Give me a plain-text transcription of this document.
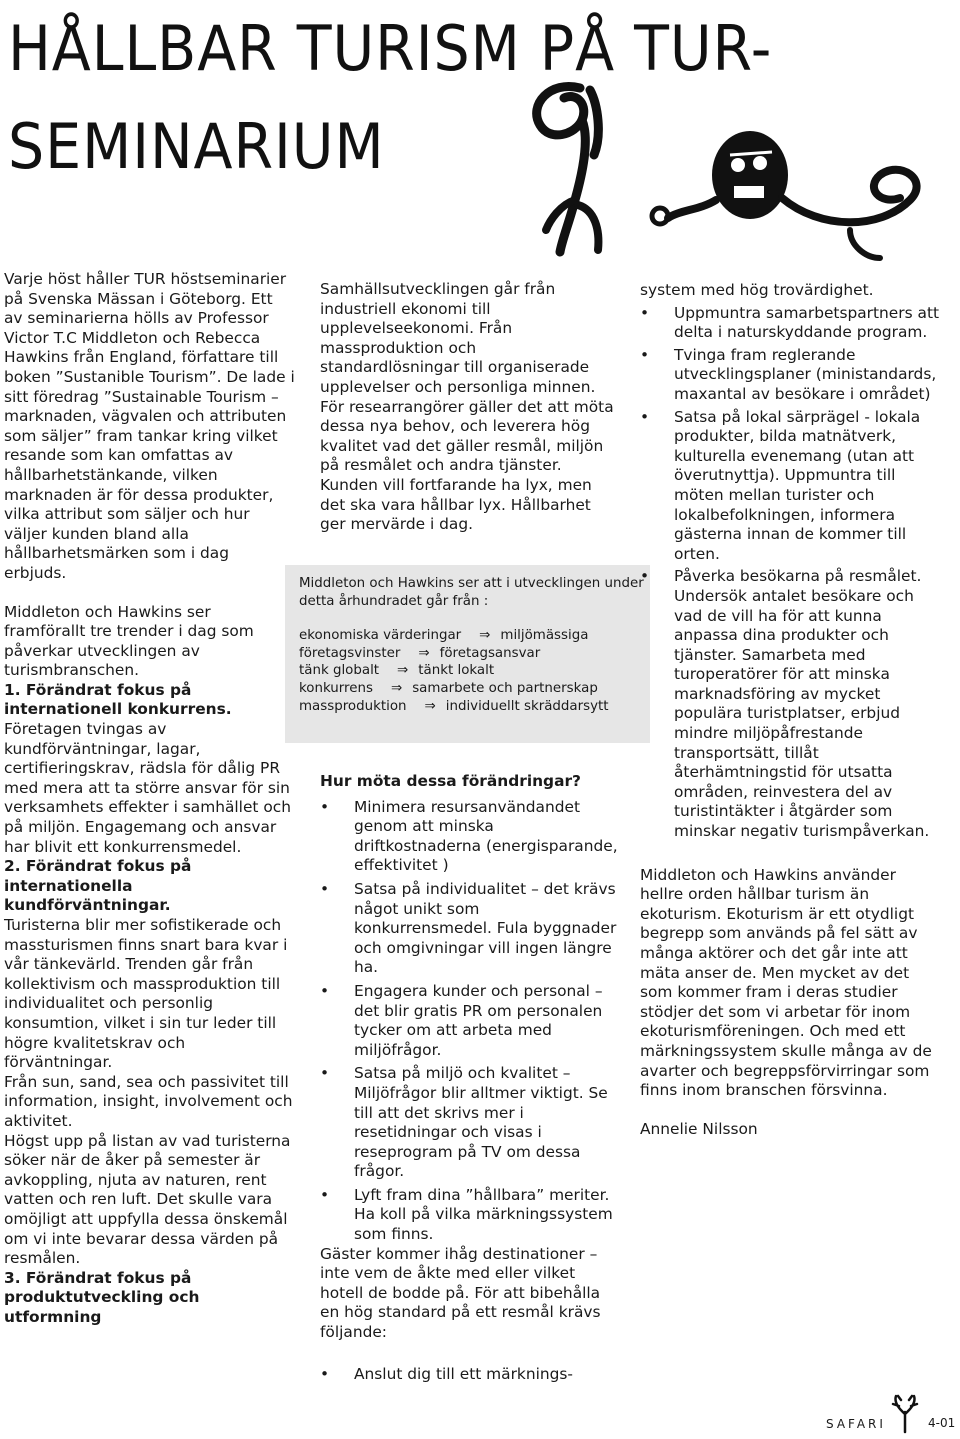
HÅLLBAR TURISM PÅ TUR-
SEMINARIUM

Varje höst håller TUR höstseminarier på Svenska Mässan i Göteborg. Ett av seminarierna hölls av Professor Victor T.C Middleton och Rebecca Hawkins från England, författare till boken ”Sustanible Tourism”. De lade i sitt föredrag ”Sustainable Tourism – marknaden, vägvalen och attributen som säljer” fram tankar kring vilket resande som kan omfattas av hållbarhetstänkande, vilken marknaden är för dessa produkter, vilka attribut som säljer och hur väljer kunden bland alla hållbarhetsmärken som i dag erbjuds.

Middleton och Hawkins ser framförallt tre trender i dag som påverkar utvecklingen av turismbranschen.

1. Förändrat fokus på internationell konkurrens.

Företagen tvingas av kundförväntningar, lagar, certifieringskrav, rädsla för dålig PR med mera att ta större ansvar för sin verksamhets effekter i samhället och på miljön. Engagemang och ansvar har blivit ett konkurrensmedel.

2. Förändrat fokus på internationella kundförväntningar.

Turisterna blir mer sofistikerade och massturismen finns snart bara kvar i vår tänkevärld. Trenden går från kollektivism och massproduktion till individualitet och personlig konsumtion, vilket i sin tur leder till högre kvalitetskrav och förväntningar.

Från sun, sand, sea och passivitet till information, insight, involvement och aktivitet.

Högst upp på listan av vad turisterna söker när de åker på semester är avkoppling, njuta av naturen, rent vatten och ren luft. Det skulle vara omöjligt att uppfylla dessa önskemål om vi inte bevarar dessa värden på resmålen.

3. Förändrat fokus på produktutveckling och utformning

Samhällsutvecklingen går från industriell ekonomi till upplevelseekonomi. Från massproduktion och standardlösningar till organiserade upplevelser och personliga minnen. För researrangörer gäller det att möta dessa nya behov, och leverera hög kvalitet vad det gäller resmål, miljön på resmålet och andra tjänster. Kunden vill fortfarande ha lyx, men det ska vara hållbar lyx. Hållbarhet ger mervärde i dag.

Middleton och Hawkins ser att i utvecklingen under detta århundradet går från :

ekonomiska värderingar ⇒ miljömässiga
företagsvinster ⇒ företagsansvar
tänk globalt ⇒ tänkt lokalt
konkurrens ⇒ samarbete och partnerskap
massproduktion ⇒ individuellt skräddarsytt

Hur möta dessa förändringar?

• Minimera resursanvändandet genom att minska driftkostnaderna (energisparande, effektivitet )

• Satsa på individualitet – det krävs något unikt som konkurrensmedel. Fula byggnader och omgivningar vill ingen längre ha.

• Engagera kunder och personal – det blir gratis PR om personalen tycker om att arbeta med miljöfrågor.

• Satsa på miljö och kvalitet – Miljöfrågor blir alltmer viktigt. Se till att det skrivs mer i resetidningar och visas i reseprogram på TV om dessa frågor.

• Lyft fram dina ”hållbara” meriter. Ha koll på vilka märkningssystem som finns.

Gäster kommer ihåg destinationer – inte vem de åkte med eller vilket hotell de bodde på. För att bibehålla en hög standard på ett resmål krävs följande:

• Anslut dig till ett märknings-

system med hög trovärdighet.

• Uppmuntra samarbetspartners att delta i naturskyddande program.

• Tvinga fram reglerande utvecklingsplaner (ministandards, maxantal av besökare i området)

• Satsa på lokal särprägel - lokala produkter, bilda matnätverk, kulturella evenemang (utan att överutnyttja). Uppmuntra till möten mellan turister och lokalbefolkningen, informera gästerna innan de kommer till orten.

• Påverka besökarna på resmålet. Undersök antalet besökare och vad de vill ha för att kunna anpassa dina produkter och tjänster. Samarbeta med turoperatörer för att minska marknadsföring av mycket populära turistplatser, erbjud mindre miljöpåfrestande transportsätt, tillåt återhämtningstid för utsatta områden, reinvestera del av turistintäkter i åtgärder som minskar negativ turismpåverkan.

Middleton och Hawkins använder hellre orden hållbar turism än ekoturism. Ekoturism är ett otydligt begrepp som används på fel sätt av många aktörer och det går inte att mäta anser de. Men mycket av det som kommer fram i deras studier stödjer det som vi arbetar för inom ekoturismföreningen. Och med ett märkningssystem skulle många av de avarter och begreppsförvirringar som finns inom branschen försvinna.

Annelie Nilsson

SAFARI	4-01
